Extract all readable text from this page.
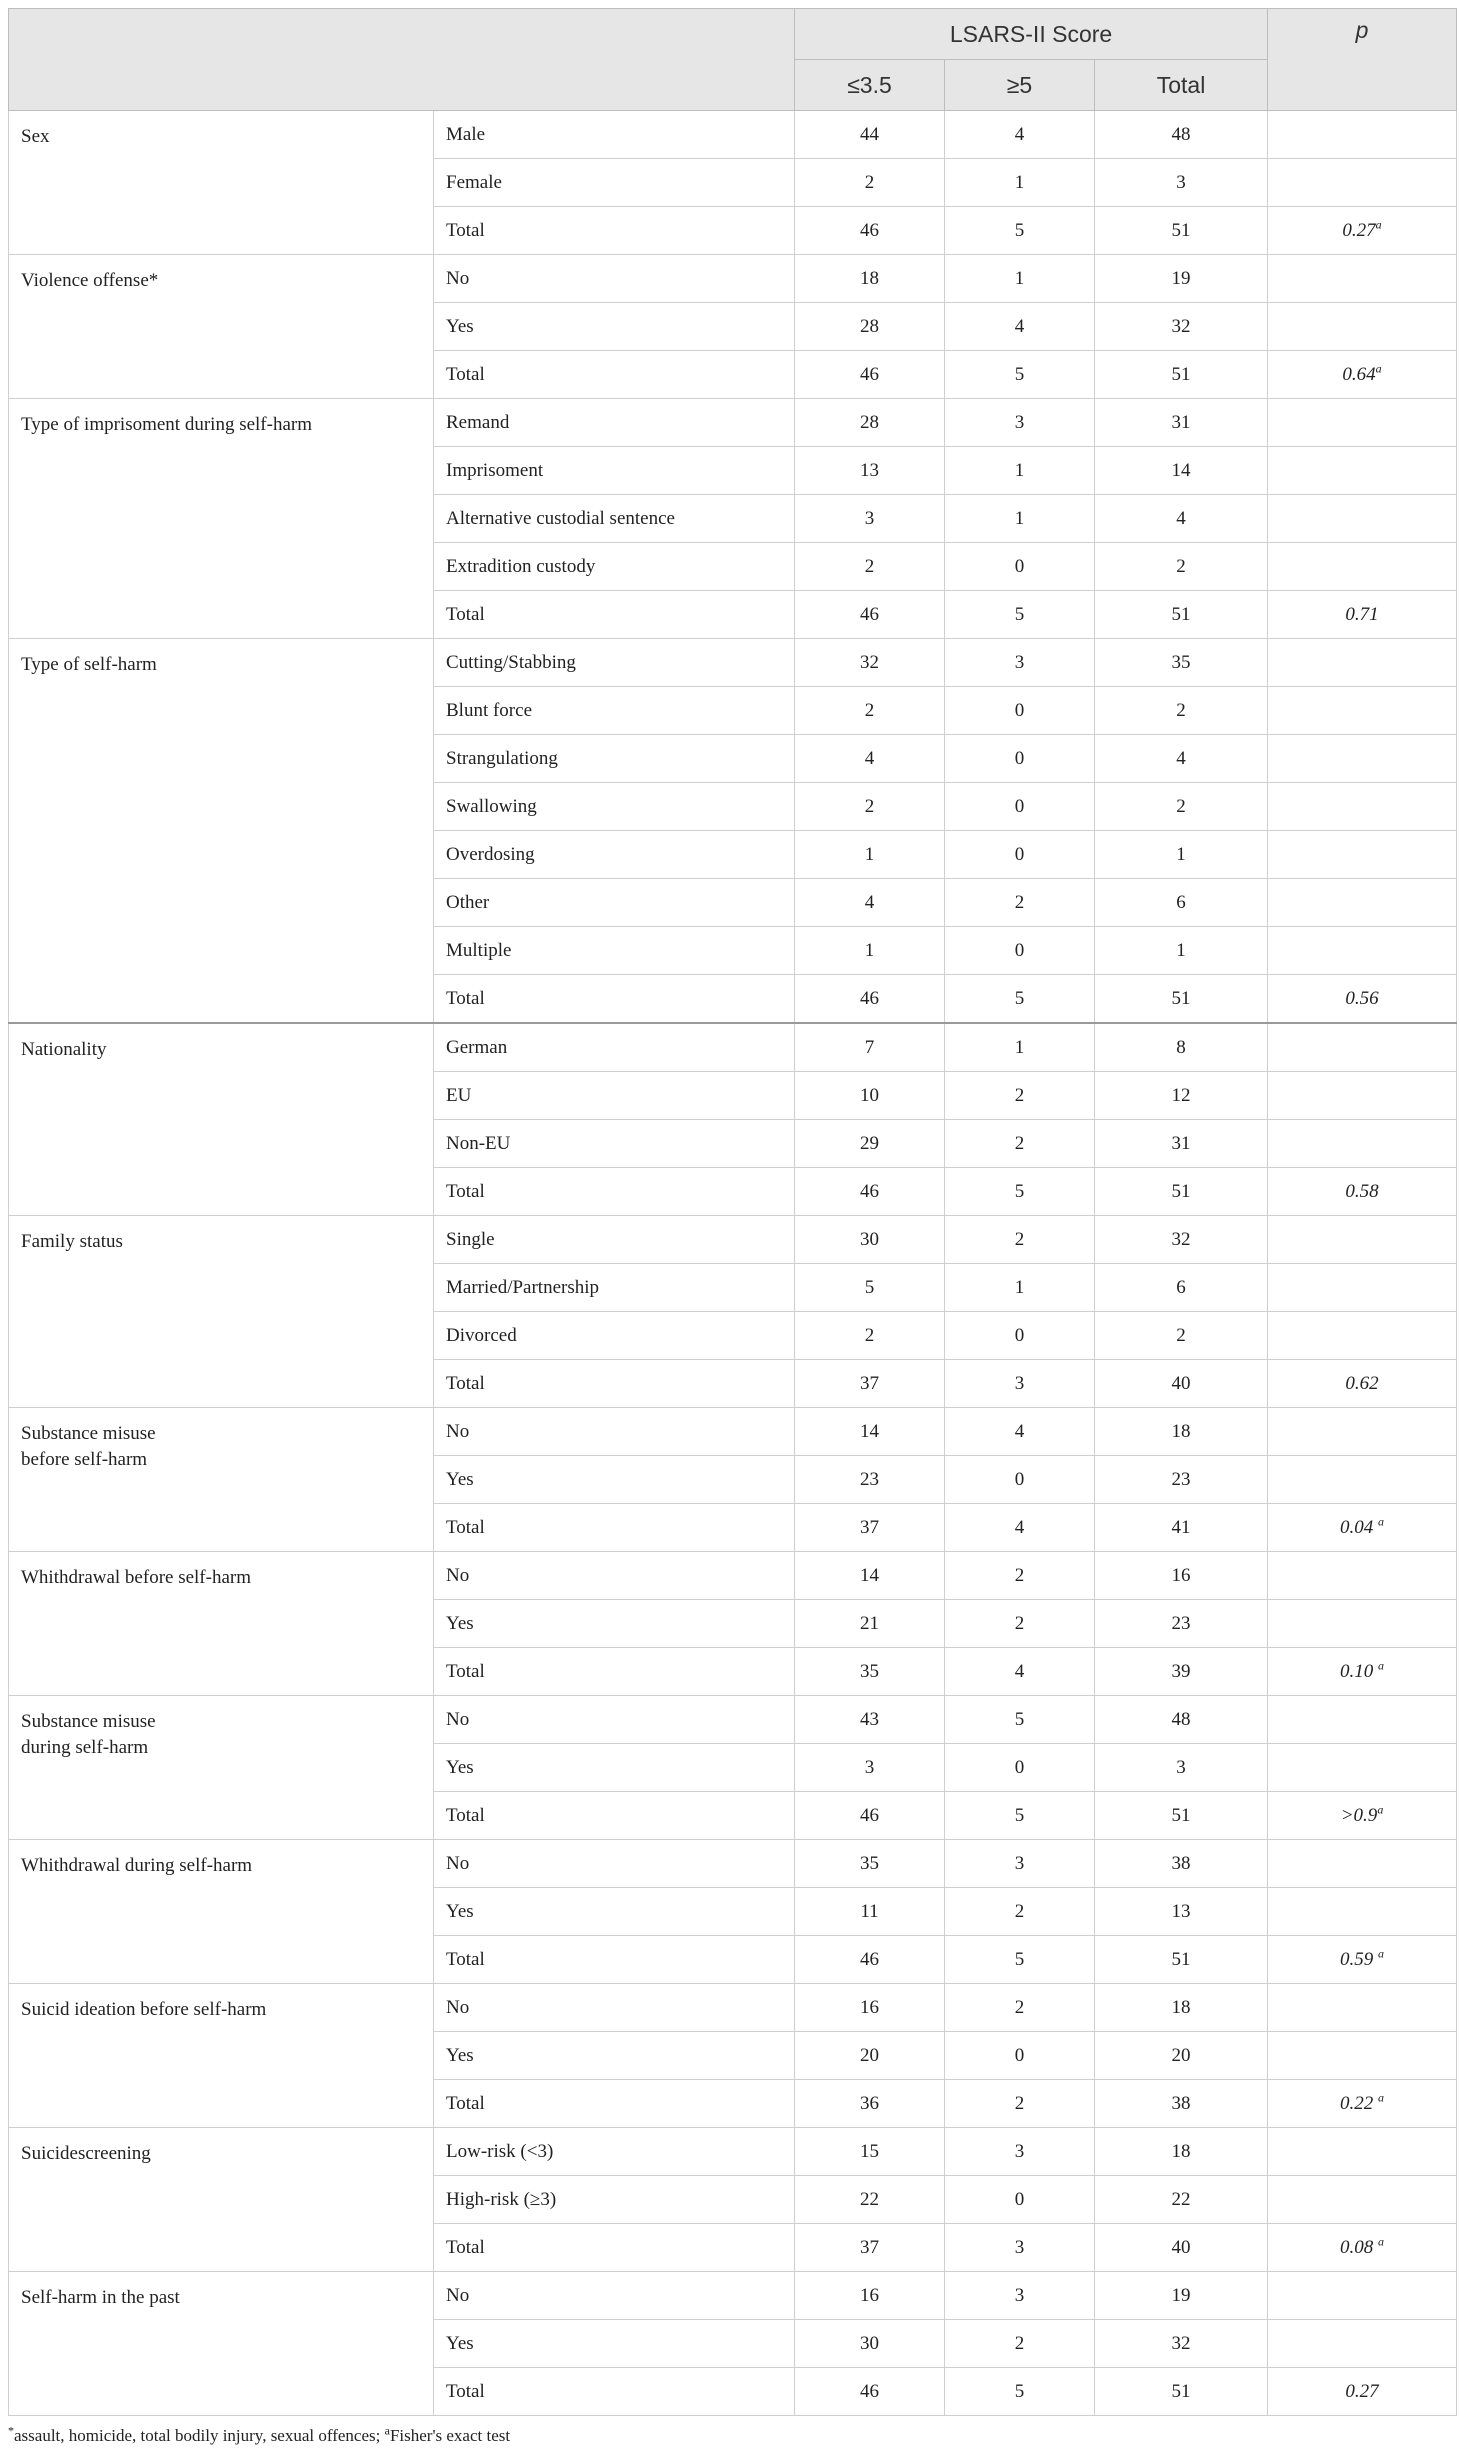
		LSARS-II Score			p
		≤3.5	≥5	Total	

Sex	Male	44	4	48	
	Female	2	1	3	
	Total	46	5	51	0.27$^a$

Violence offense*	No	18	1	19	
	Yes	28	4	32	
	Total	46	5	51	0.64$^a$

Type of imprisoment during self-harm	Remand	28	3	31	
	Imprisoment	13	1	14	
	Alternative custodial sentence	3	1	4	
	Extradition custody	2	0	2	
	Total	46	5	51	0.71

Type of self-harm	Cutting/Stabbing	32	3	35	
	Blunt force	2	0	2	
	Strangulationg	4	0	4	
	Swallowing	2	0	2	
	Overdosing	1	0	1	
	Other	4	2	6	
	Multiple	1	0	1	
	Total	46	5	51	0.56

Nationality	German	7	1	8	
	EU	10	2	12	
	Non-EU	29	2	31	
	Total	46	5	51	0.58

Family status	Single	30	2	32	
	Married/Partnership	5	1	6	
	Divorced	2	0	2	
	Total	37	3	40	0.62

Substance misuse
before self-harm	No	14	4	18	
	Yes	23	0	23	
	Total	37	4	41	0.04 $^a$

Whithdrawal before self-harm	No	14	2	16	
	Yes	21	2	23	
	Total	35	4	39	0.10 $^a$

Substance misuse
during self-harm	No	43	5	48	
	Yes	3	0	3	
	Total	46	5	51	>0.9$^a$

Whithdrawal during self-harm	No	35	3	38	
	Yes	11	2	13	
	Total	46	5	51	0.59 $^a$

Suicid ideation before self-harm	No	16	2	18	
	Yes	20	0	20	
	Total	36	2	38	0.22 $^a$

Suicidescreening	Low-risk (<3)	15	3	18	
	High-risk (≥3)	22	0	22	
	Total	37	3	40	0.08 $^a$

Self-harm in the past	No	16	3	19	
	Yes	30	2	32	
	Total	46	5	51	0.27
*assault, homicide, total bodily injury, sexual offences; $^a$Fisher's exact test
